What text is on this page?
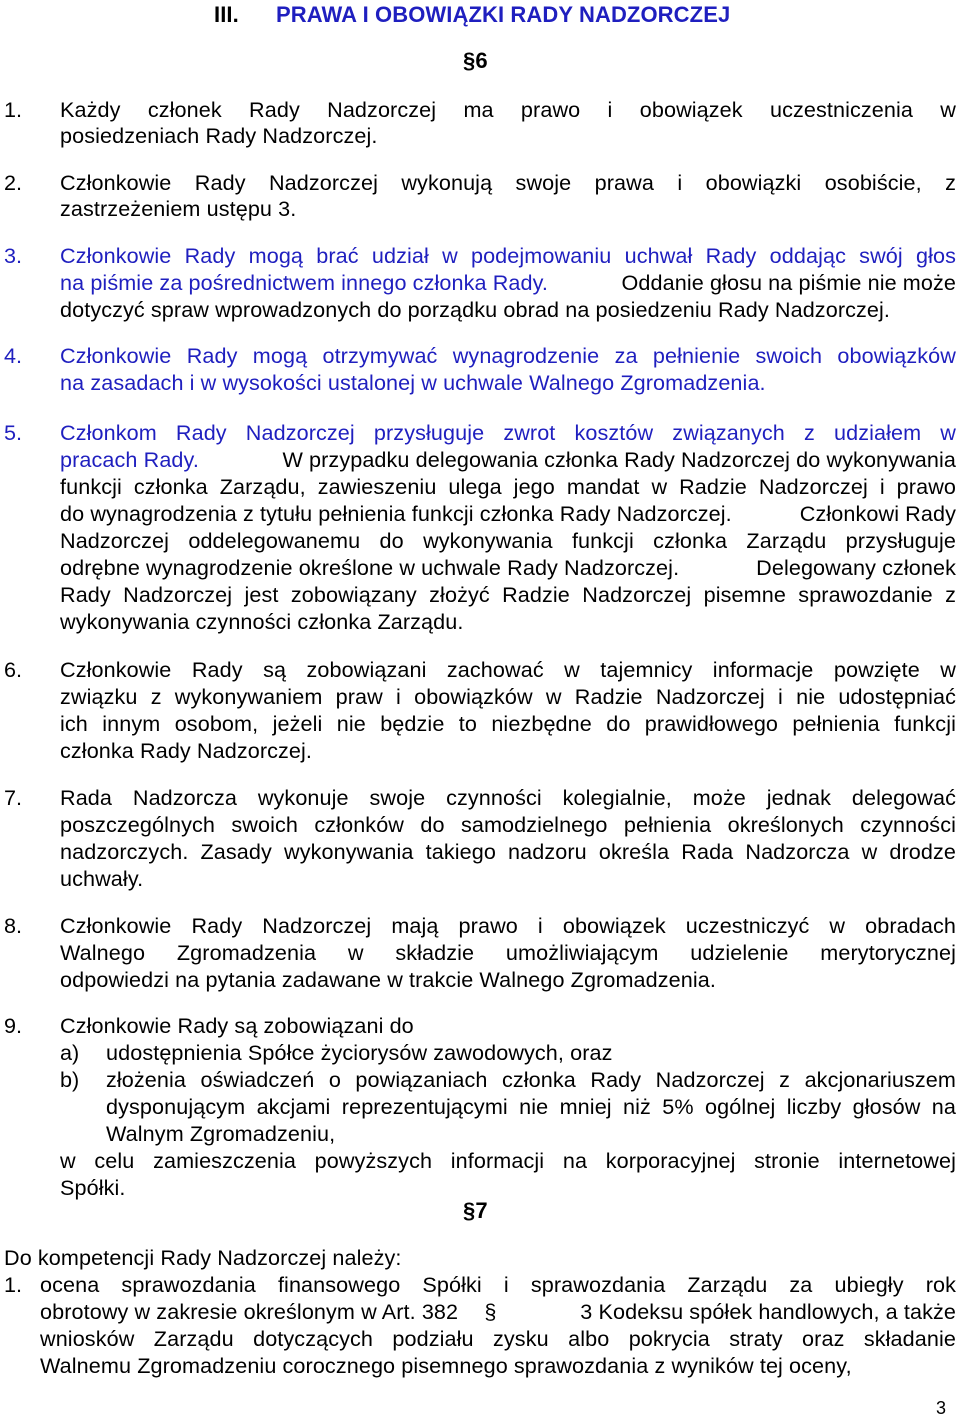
III. PRAWA I OBOWIĄZKI RADY NADZORCZEJ
§6
1. Każdy członek Rady Nadzorczej ma prawo i obowiązek uczestniczenia w
posiedzeniach Rady Nadzorczej.
2. Członkowie Rady Nadzorczej wykonują swoje prawa i obowiązki osobiście, z
zastrzeżeniem ustępu 3.
3. Członkowie Rady mogą brać udział w podejmowaniu uchwał Rady oddając swój głos
na piśmie za pośrednictwem innego członka Rady.	Oddanie głosu na piśmie nie może
dotyczyć spraw wprowadzonych do porządku obrad na posiedzeniu Rady Nadzorczej.
4. Członkowie Rady mogą otrzymywać wynagrodzenie za pełnienie swoich obowiązków
na zasadach i w wysokości ustalonej w uchwale Walnego Zgromadzenia.
5. Członkom Rady Nadzorczej przysługuje zwrot kosztów związanych z udziałem w
pracach Rady.	W przypadku delegowania członka Rady Nadzorczej do wykonywania
funkcji członka Zarządu, zawieszeniu ulega jego mandat w Radzie Nadzorczej i prawo
do wynagrodzenia z tytułu pełnienia funkcji członka Rady Nadzorczej.	Członkowi Rady
Nadzorczej oddelegowanemu do wykonywania funkcji członka Zarządu przysługuje
odrębne wynagrodzenie określone w uchwale Rady Nadzorczej.	Delegowany członek
Rady Nadzorczej jest zobowiązany złożyć Radzie Nadzorczej pisemne sprawozdanie z
wykonywania czynności członka Zarządu.
6. Członkowie Rady są zobowiązani zachować w tajemnicy informacje powzięte w
związku z wykonywaniem praw i obowiązków w Radzie Nadzorczej i nie udostępniać
ich innym osobom, jeżeli nie będzie to niezbędne do prawidłowego pełnienia funkcji
członka Rady Nadzorczej.
7. Rada Nadzorcza wykonuje swoje czynności kolegialnie, może jednak delegować
poszczególnych swoich członków do samodzielnego pełnienia określonych czynności
nadzorczych. Zasady wykonywania takiego nadzoru określa Rada Nadzorcza w drodze
uchwały.
8. Członkowie Rady Nadzorczej mają prawo i obowiązek uczestniczyć w obradach
Walnego Zgromadzenia w składzie umożliwiającym udzielenie merytorycznej
odpowiedzi na pytania zadawane w trakcie Walnego Zgromadzenia.
9. Członkowie Rady są zobowiązani do
a) udostępnienia Spółce życiorysów zawodowych, oraz
b) złożenia oświadczeń o powiązaniach członka Rady Nadzorczej z akcjonariuszem
dysponującym akcjami reprezentującymi nie mniej niż 5% ogólnej liczby głosów na
Walnym Zgromadzeniu,
w celu zamieszczenia powyższych informacji na korporacyjnej stronie internetowej
Spółki.
§7
Do kompetencji Rady Nadzorczej należy:
1. ocena sprawozdania finansowego Spółki i sprawozdania Zarządu za ubiegły rok
obrotowy w zakresie określonym w Art. 382 §	3 Kodeksu spółek handlowych, a także
wniosków Zarządu dotyczących podziału zysku albo pokrycia straty oraz składanie
Walnemu Zgromadzeniu corocznego pisemnego sprawozdania z wyników tej oceny,
3
